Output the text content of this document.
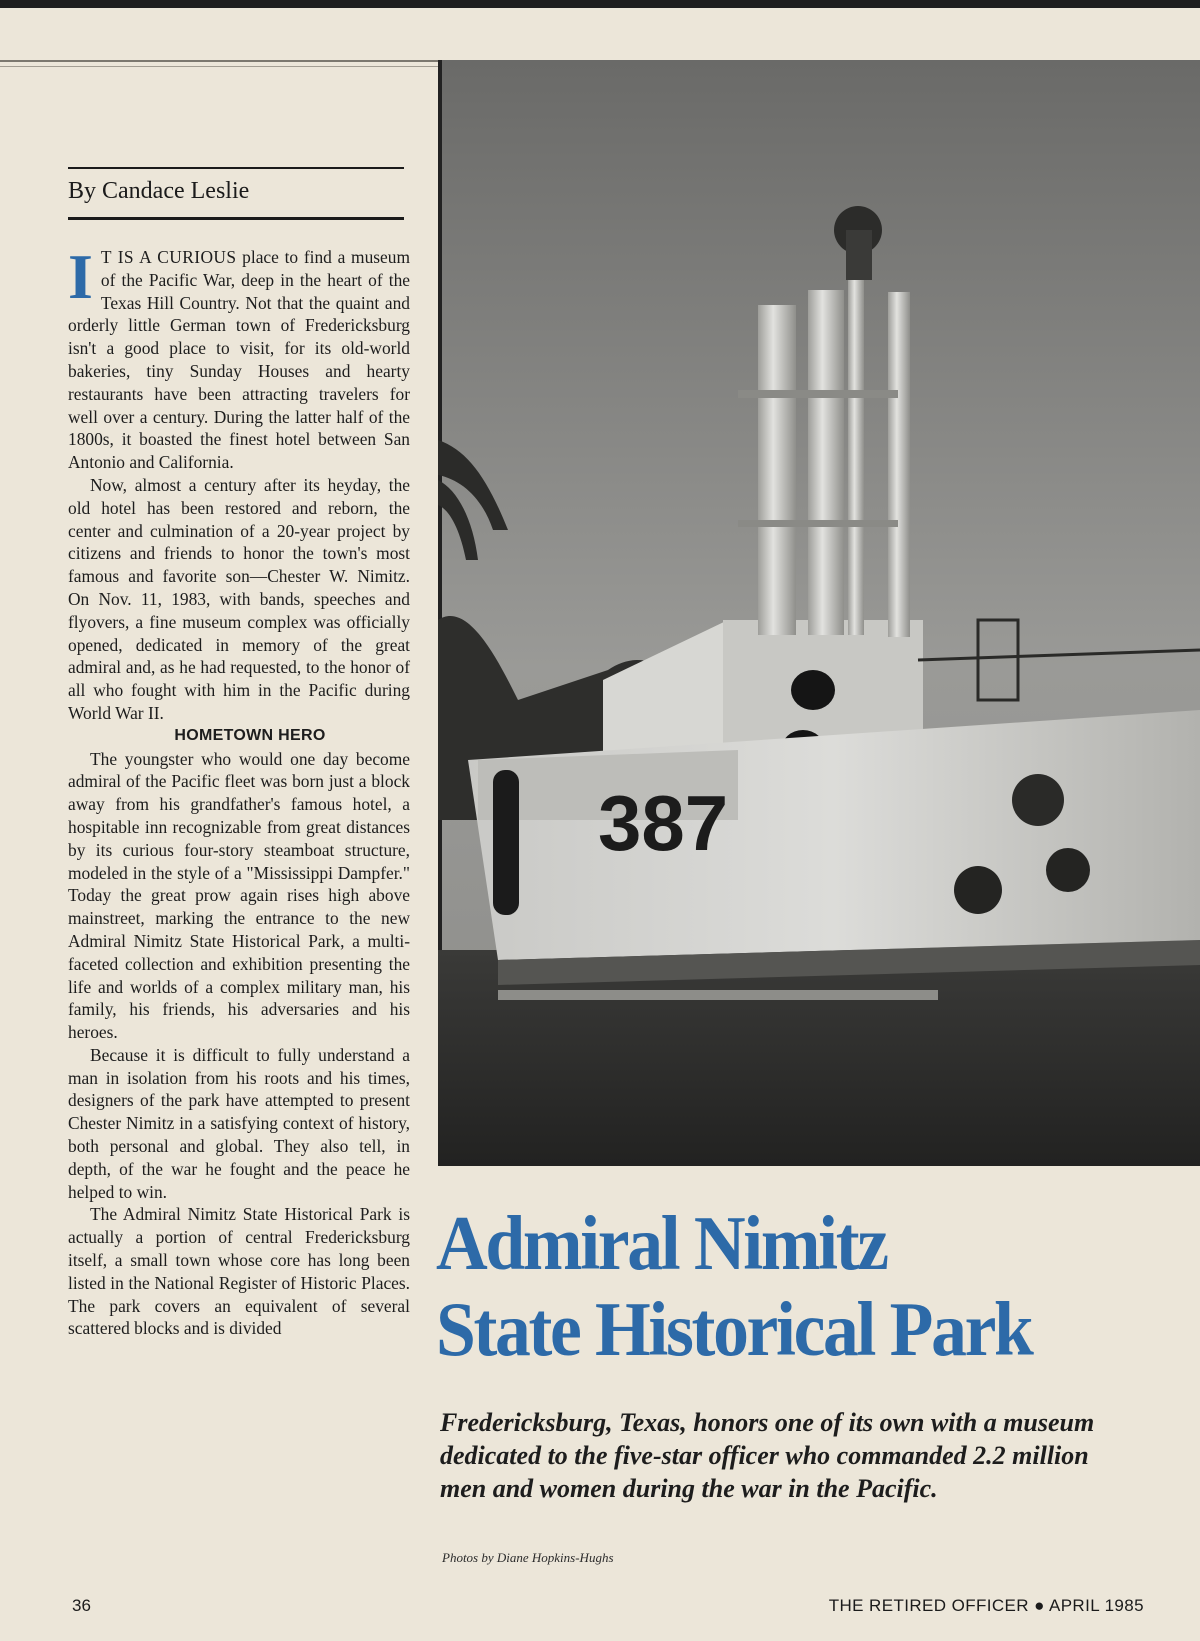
By Candace Leslie

I T IS A CURIOUS place to find a museum of the Pacific War, deep in the heart of the Texas Hill Country. Not that the quaint and orderly little German town of Fredericksburg isn't a good place to visit, for its old-world bakeries, tiny Sunday Houses and hearty restaurants have been attracting travelers for well over a century. During the latter half of the 1800s, it boasted the finest hotel between San Antonio and California.

Now, almost a century after its heyday, the old hotel has been restored and reborn, the center and culmination of a 20-year project by citizens and friends to honor the town's most famous and favorite son—Chester W. Nimitz. On Nov. 11, 1983, with bands, speeches and flyovers, a fine museum complex was officially opened, dedicated in memory of the great admiral and, as he had requested, to the honor of all who fought with him in the Pacific during World War II.

HOMETOWN HERO

The youngster who would one day become admiral of the Pacific fleet was born just a block away from his grandfather's famous hotel, a hospitable inn recognizable from great distances by its curious four-story steamboat structure, modeled in the style of a "Mississippi Dampfer." Today the great prow again rises high above mainstreet, marking the entrance to the new Admiral Nimitz State Historical Park, a multi-faceted collection and exhibition presenting the life and worlds of a complex military man, his family, his friends, his adversaries and his heroes.

Because it is difficult to fully understand a man in isolation from his roots and his times, designers of the park have attempted to present Chester Nimitz in a satisfying context of history, both personal and global. They also tell, in depth, of the war he fought and the peace he helped to win.

The Admiral Nimitz State Historical Park is actually a portion of central Fredericksburg itself, a small town whose core has long been listed in the National Register of Historic Places. The park covers an equivalent of several scattered blocks and is divided

387
Admiral Nimitz
State Historical Park
Fredericksburg, Texas, honors one of its own with a museum dedicated to the five-star officer who commanded 2.2 million men and women during the war in the Pacific.
Photos by Diane Hopkins-Hughs
36	THE RETIRED OFFICER ● APRIL 1985
